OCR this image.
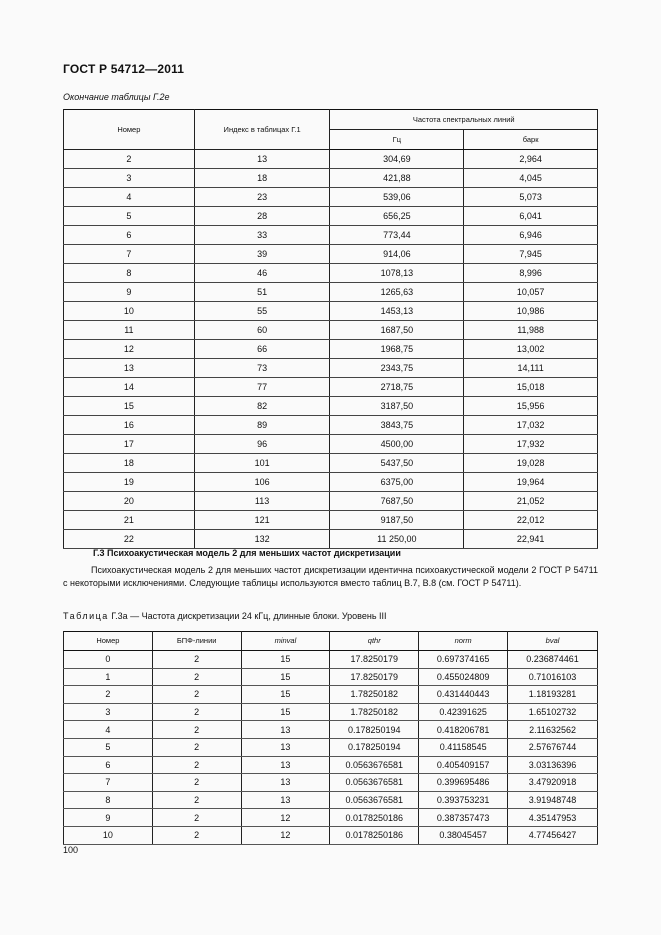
ГОСТ Р 54712—2011
Окончание таблицы Г.2е
Номер	Индекс в таблицах Г.1	Частота спектральных линий	
		Гц	барк
2	13	304,69	2,964
3	18	421,88	4,045
4	23	539,06	5,073
5	28	656,25	6,041
6	33	773,44	6,946
7	39	914,06	7,945
8	46	1078,13	8,996
9	51	1265,63	10,057
10	55	1453,13	10,986
11	60	1687,50	11,988
12	66	1968,75	13,002
13	73	2343,75	14,111
14	77	2718,75	15,018
15	82	3187,50	15,956
16	89	3843,75	17,032
17	96	4500,00	17,932
18	101	5437,50	19,028
19	106	6375,00	19,964
20	113	7687,50	21,052
21	121	9187,50	22,012
22	132	11 250,00	22,941
Г.3 Психоакустическая модель 2 для меньших частот дискретизации
Психоакустическая модель 2 для меньших частот дискретизации идентична психоакустической модели 2 ГОСТ Р 54711 с некоторыми исключениями. Следующие таблицы используются вместо таблиц В.7, В.8 (см. ГОСТ Р 54711).
Таблица Г.3а — Частота дискретизации 24 кГц, длинные блоки. Уровень III
Номер	БПФ-линии	minval	qthr	norm	bval
0	2	15	17.8250179	0.697374165	0.236874461
1	2	15	17.8250179	0.455024809	0.71016103
2	2	15	1.78250182	0.431440443	1.18193281
3	2	15	1.78250182	0.42391625	1.65102732
4	2	13	0.178250194	0.418206781	2.11632562
5	2	13	0.178250194	0.41158545	2.57676744
6	2	13	0.0563676581	0.405409157	3.03136396
7	2	13	0.0563676581	0.399695486	3.47920918
8	2	13	0.0563676581	0.393753231	3.91948748
9	2	12	0.0178250186	0.387357473	4.35147953
10	2	12	0.0178250186	0.38045457	4.77456427
100
